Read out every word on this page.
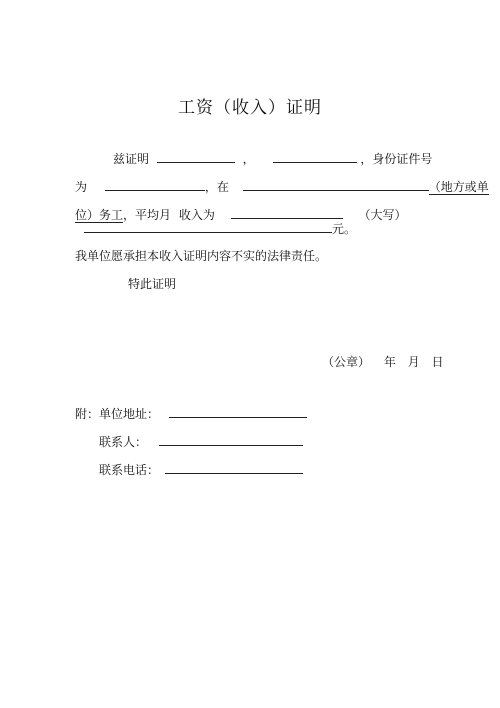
工资（收入）证明
兹证明	，	，身份证件号
为	，在	（地方或单
位）务工，平均月 收入为	（大写）
元。
我单位愿承担本收入证明内容不实的法律责任。
特此证明
（公章） 年 月 日
附：单位地址：
联系人：
联系电话：
